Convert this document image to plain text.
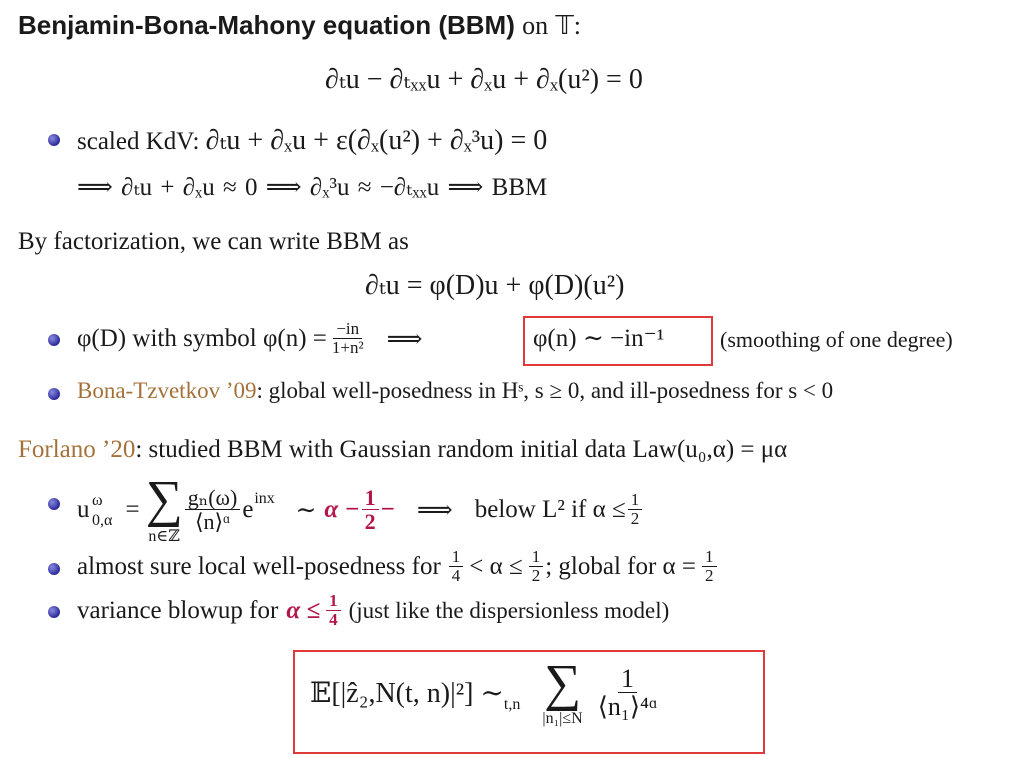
Benjamin-Bona-Mahony equation (BBM) on 𝕋:
∂ₜu − ∂ₜₓₓu + ∂ₓu + ∂ₓ(u²) = 0
scaled KdV: ∂ₜu + ∂ₓu + ε(∂ₓ(u²) + ∂ₓ³u) = 0
⟹ ∂ₜu + ∂ₓu ≈ 0 ⟹ ∂ₓ³u ≈ −∂ₜₓₓu ⟹ BBM
By factorization, we can write BBM as
∂ₜu = φ(D)u + φ(D)(u²)
φ(D) with symbol $\varphi(n) = \frac{-in}{\text{1+n²}}$ ⟹	φ(n) ∼ −in⁻¹	(smoothing of one degree)
Bona-Tzvetkov ’09: global well-posedness in Hˢ, s ≥ 0, and ill-posedness for s < 0
Forlano ’20: studied BBM with Gaussian random initial data Law(u₀,α) = μα
u ω
0,α = ∑
n∈ℤ
$\frac{\text{gₙ(ω)}}{\text{⟨n⟩ᵅ}}$ e inx ∼ $\alpha - \frac{1}{2}$ − ⟹ below L² if $\alpha \le \frac{1}{2}$
almost sure local well-posedness for $\frac{1}{4} < \alpha \le \frac{1}{2}$ ; global for $\alpha = \frac{1}{2}$
variance blowup for $\alpha \le \frac{1}{4}$ (just like the dispersionless model)
𝔼[|ẑ₂,N(t, n)|²] ∼ t,n ∑
$|n_1|\le N \frac{1}{\text{⟨n₁⟩⁴ᵅ}}$
